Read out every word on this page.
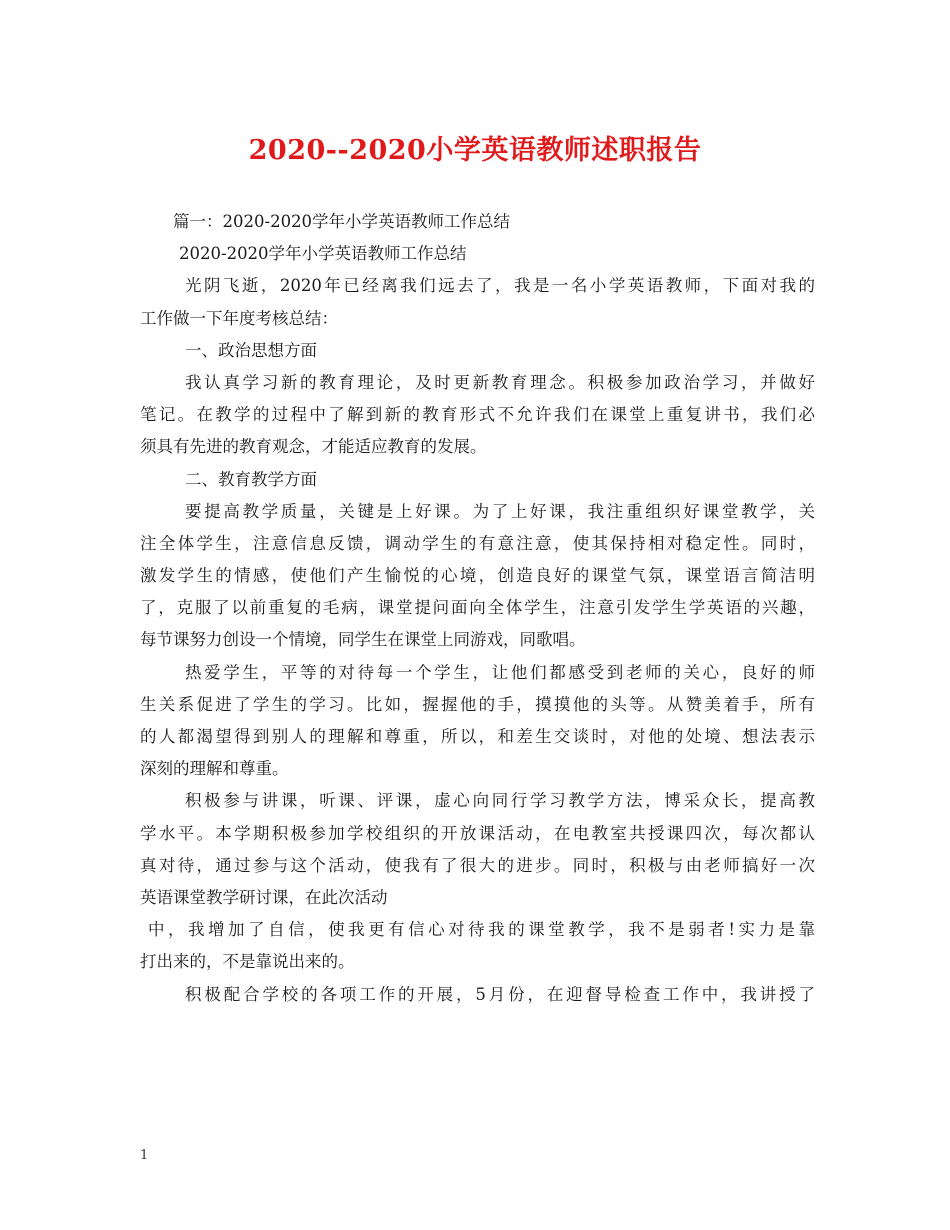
2020--2020小学英语教师述职报告
篇一：2020-2020学年小学英语教师工作总结
2020-2020学年小学英语教师工作总结
光阴飞逝，2020年已经离我们远去了，我是一名小学英语教师，下面对我的
工作做一下年度考核总结：
一、政治思想方面
我认真学习新的教育理论，及时更新教育理念。积极参加政治学习，并做好
笔记。在教学的过程中了解到新的教育形式不允许我们在课堂上重复讲书，我们必
须具有先进的教育观念，才能适应教育的发展。
二、教育教学方面
要提高教学质量，关键是上好课。为了上好课，我注重组织好课堂教学，关
注全体学生，注意信息反馈，调动学生的有意注意，使其保持相对稳定性。同时，
激发学生的情感，使他们产生愉悦的心境，创造良好的课堂气氛，课堂语言简洁明
了，克服了以前重复的毛病，课堂提问面向全体学生，注意引发学生学英语的兴趣，
每节课努力创设一个情境，同学生在课堂上同游戏，同歌唱。
热爱学生，平等的对待每一个学生，让他们都感受到老师的关心，良好的师
生关系促进了学生的学习。比如，握握他的手，摸摸他的头等。从赞美着手，所有
的人都渴望得到别人的理解和尊重，所以，和差生交谈时，对他的处境、想法表示
深刻的理解和尊重。
积极参与讲课，听课、评课，虚心向同行学习教学方法，博采众长，提高教
学水平。本学期积极参加学校组织的开放课活动，在电教室共授课四次，每次都认
真对待，通过参与这个活动，使我有了很大的进步。同时，积极与由老师搞好一次
英语课堂教学研讨课，在此次活动
中，我增加了自信，使我更有信心对待我的课堂教学，我不是弱者!实力是靠
打出来的，不是靠说出来的。
积极配合学校的各项工作的开展，5月份，在迎督导检查工作中，我讲授了
1
